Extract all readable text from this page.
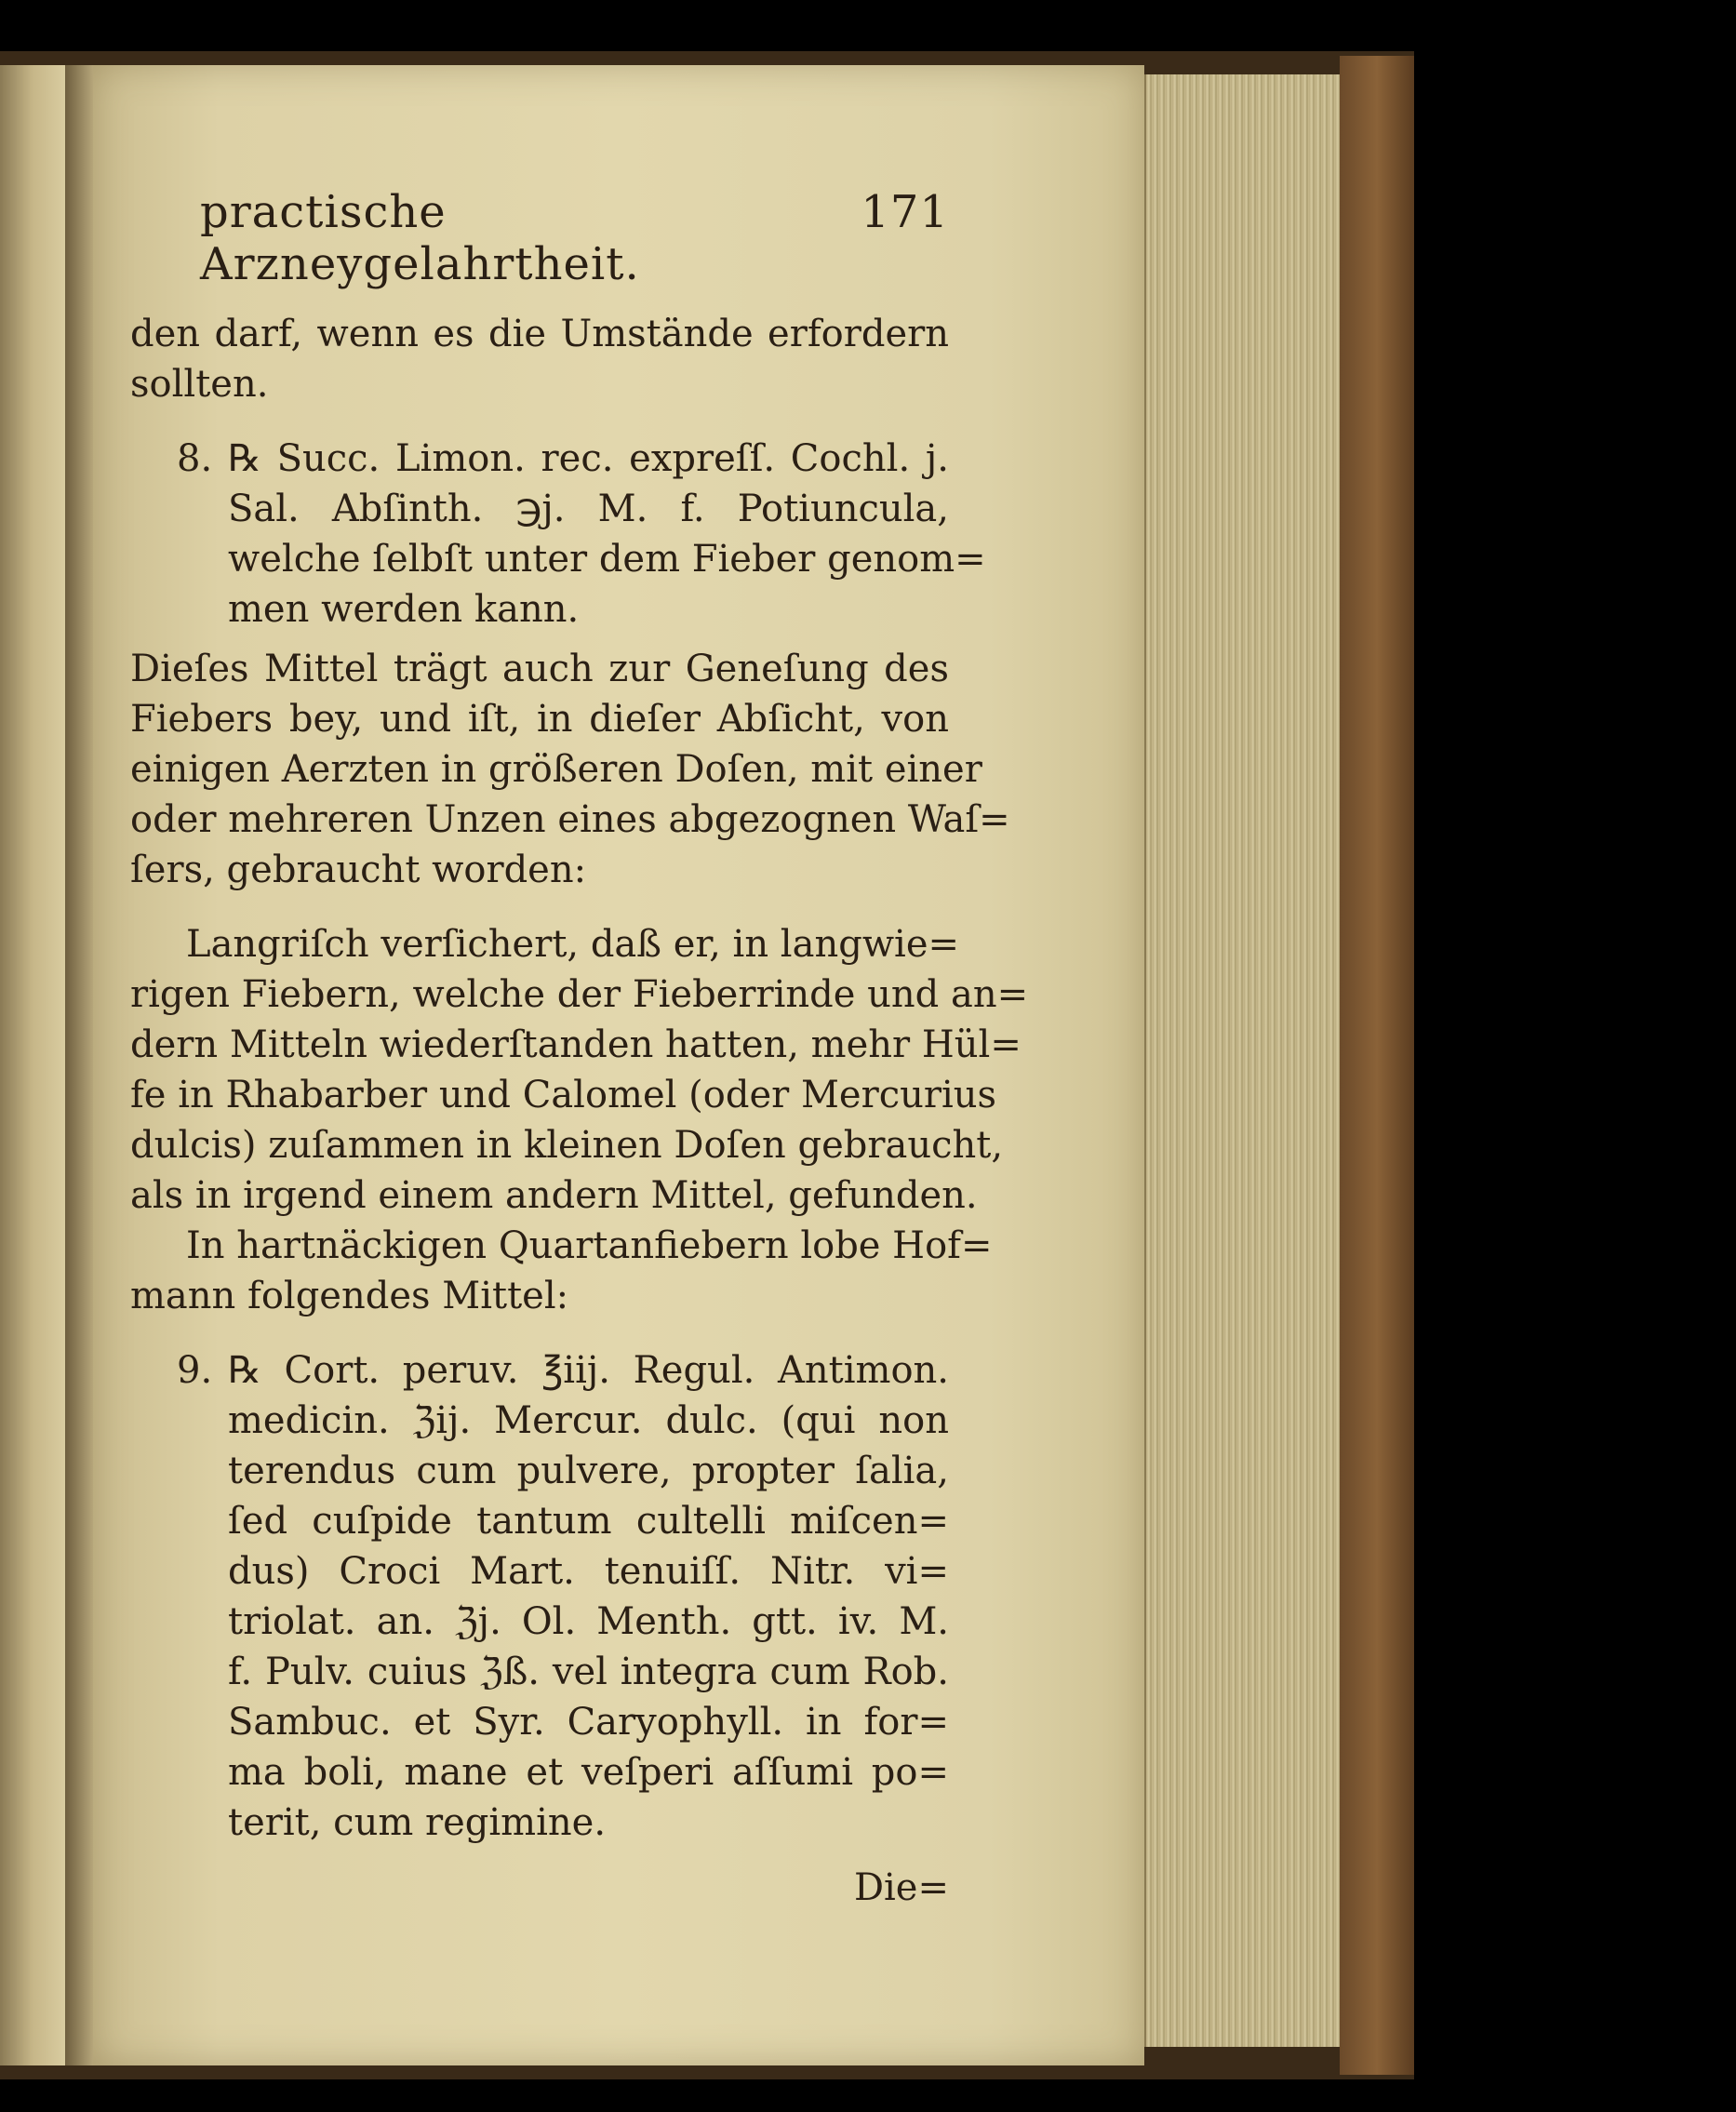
practische Arzneygelahrtheit.
171
den darf, wenn es die Umstände erfordern
sollten.
8. ℞ Succ. Limon. rec. expreſſ. Cochl. j.
Sal. Abſinth. ℈j. M. f. Potiuncula,
welche ſelbſt unter dem Fieber genom=
men werden kann.
Dieſes Mittel trägt auch zur Geneſung des
Fiebers bey, und iſt, in dieſer Abſicht, von
einigen Aerzten in größeren Doſen, mit einer
oder mehreren Unzen eines abgezognen Waſ=
ſers, gebraucht worden:
Langriſch verſichert, daß er, in langwie=
rigen Fiebern, welche der Fieberrinde und an=
dern Mitteln wiederſtanden hatten, mehr Hül=
fe in Rhabarber und Calomel (oder Mercurius
dulcis) zuſammen in kleinen Doſen gebraucht,
als in irgend einem andern Mittel, gefunden.
In hartnäckigen Quartanfiebern lobe Hof=
mann folgendes Mittel:
9. ℞ Cort. peruv. ℥iij. Regul. Antimon.
medicin. ℨij. Mercur. dulc. (qui non
terendus cum pulvere, propter ſalia,
ſed cuſpide tantum cultelli miſcen=
dus) Croci Mart. tenuiſſ. Nitr. vi=
triolat. an. ℨj. Ol. Menth. gtt. iv. M.
f. Pulv. cuius ℨß. vel integra cum Rob.
Sambuc. et Syr. Caryophyll. in for=
ma boli, mane et veſperi aſſumi po=
terit, cum regimine.
Die=
